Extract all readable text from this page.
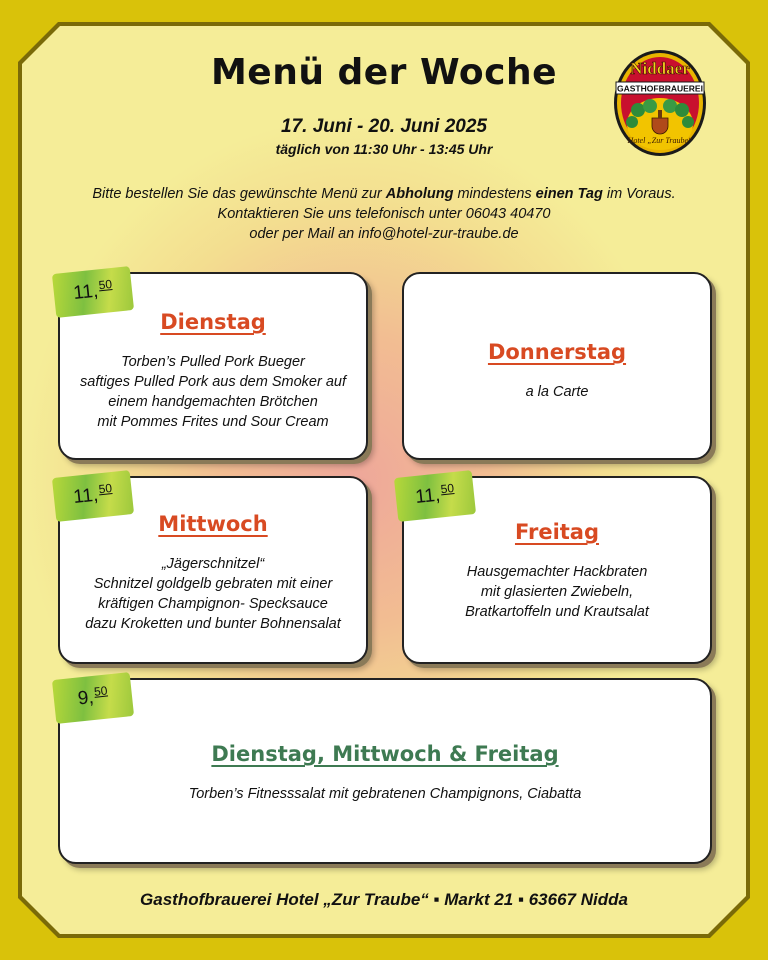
Menü der Woche
17. Juni - 20. Juni 2025
täglich von 11:30 Uhr - 13:45 Uhr
Bitte bestellen Sie das gewünschte Menü zur Abholung mindestens einen Tag im Voraus.
Kontaktieren Sie uns telefonisch unter 06043 40470
oder per Mail an info@hotel-zur-traube.de
Niddaer
GASTHOFBRAUEREI
Hotel „Zur Traube“
Dienstag
Torben’s Pulled Pork Bueger
saftiges Pulled Pork aus dem Smoker auf
einem handgemachten Brötchen
mit Pommes Frites und Sour Cream
11,
$^{50}$
Donnerstag
a la Carte
Mittwoch
„Jägerschnitzel“
Schnitzel goldgelb gebraten mit einer
kräftigen Champignon- Specksauce
dazu Kroketten und bunter Bohnensalat
11,
$^{50}$
Freitag
Hausgemachter Hackbraten
mit glasierten Zwiebeln,
Bratkartoffeln und Krautsalat
11,
$^{50}$
Dienstag, Mittwoch & Freitag
Torben’s Fitnesssalat mit gebratenen Champignons, Ciabatta
9,
$^{50}$
Gasthofbrauerei Hotel „Zur Traube“ ▪ Markt 21 ▪ 63667 Nidda
